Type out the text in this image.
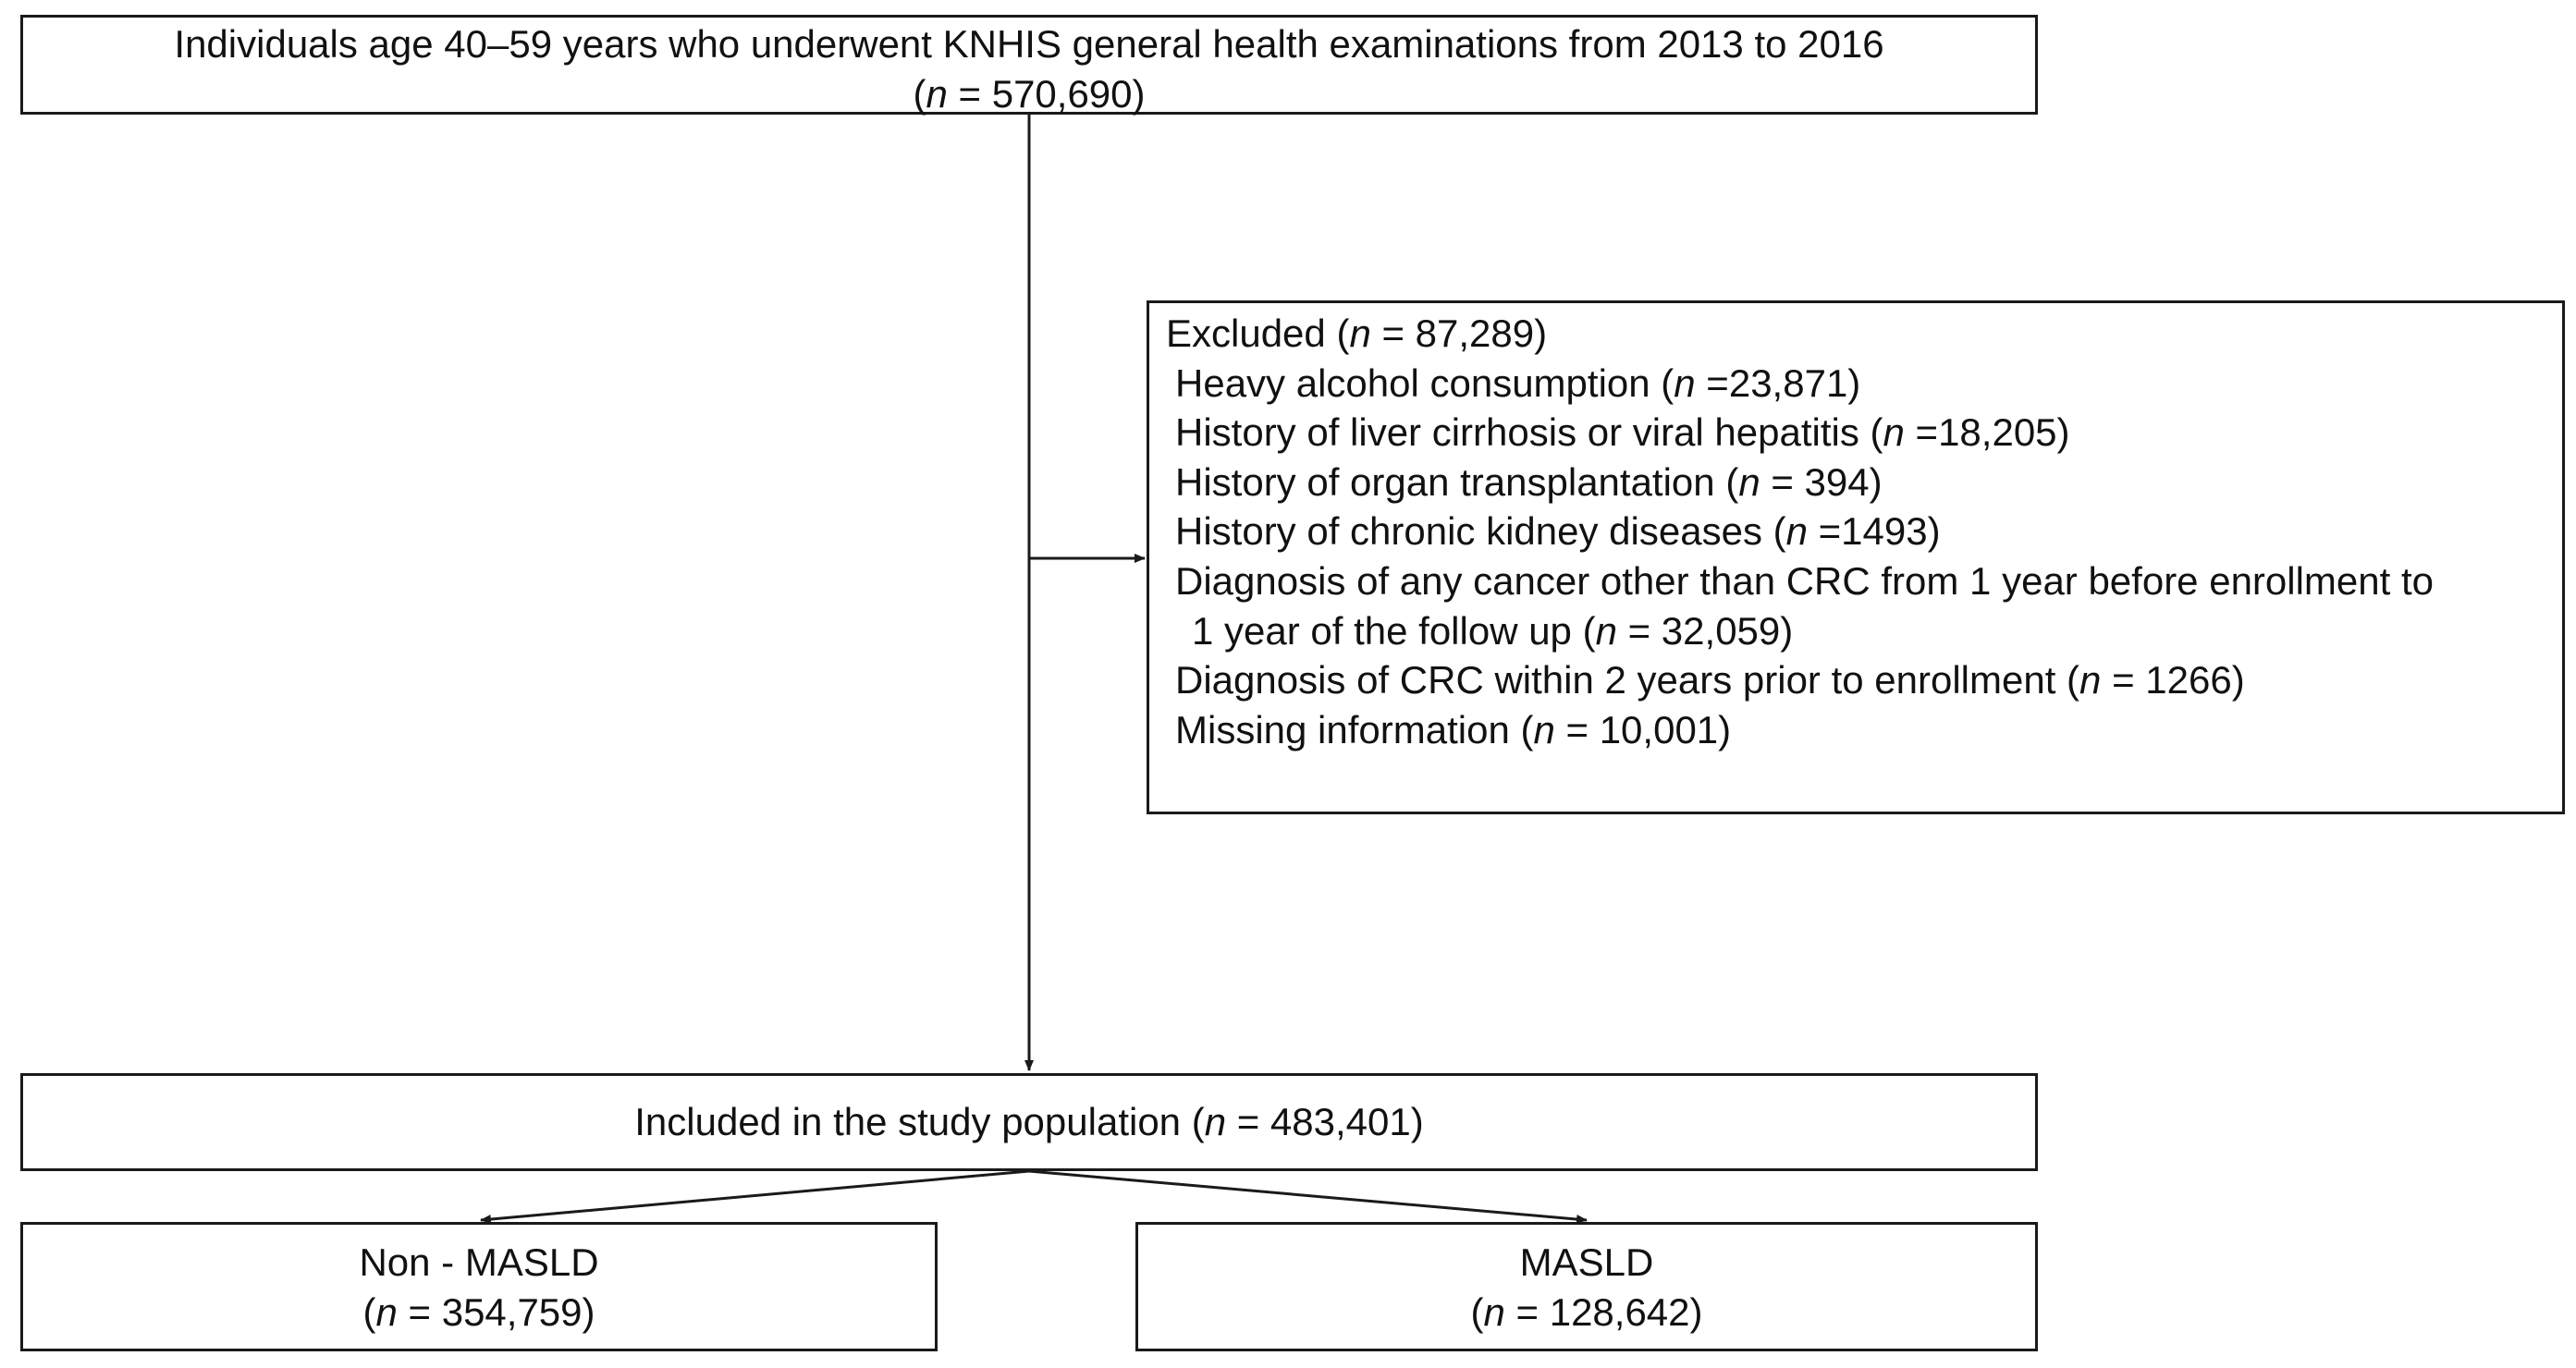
Individuals age 40–59 years who underwent KNHIS general health examinations from 2013 to 2016
(n = 570,690)
Excluded (n = 87,289)
Heavy alcohol consumption (n =23,871)
History of liver cirrhosis or viral hepatitis (n =18,205)
History of organ transplantation (n = 394)
History of chronic kidney diseases (n =1493)
Diagnosis of any cancer other than CRC from 1 year before enrollment to
1 year of the follow up (n = 32,059)
Diagnosis of CRC within 2 years prior to enrollment (n = 1266)
Missing information (n = 10,001)
Included in the study population (n = 483,401)
Non - MASLD
(n = 354,759)
MASLD
(n = 128,642)
